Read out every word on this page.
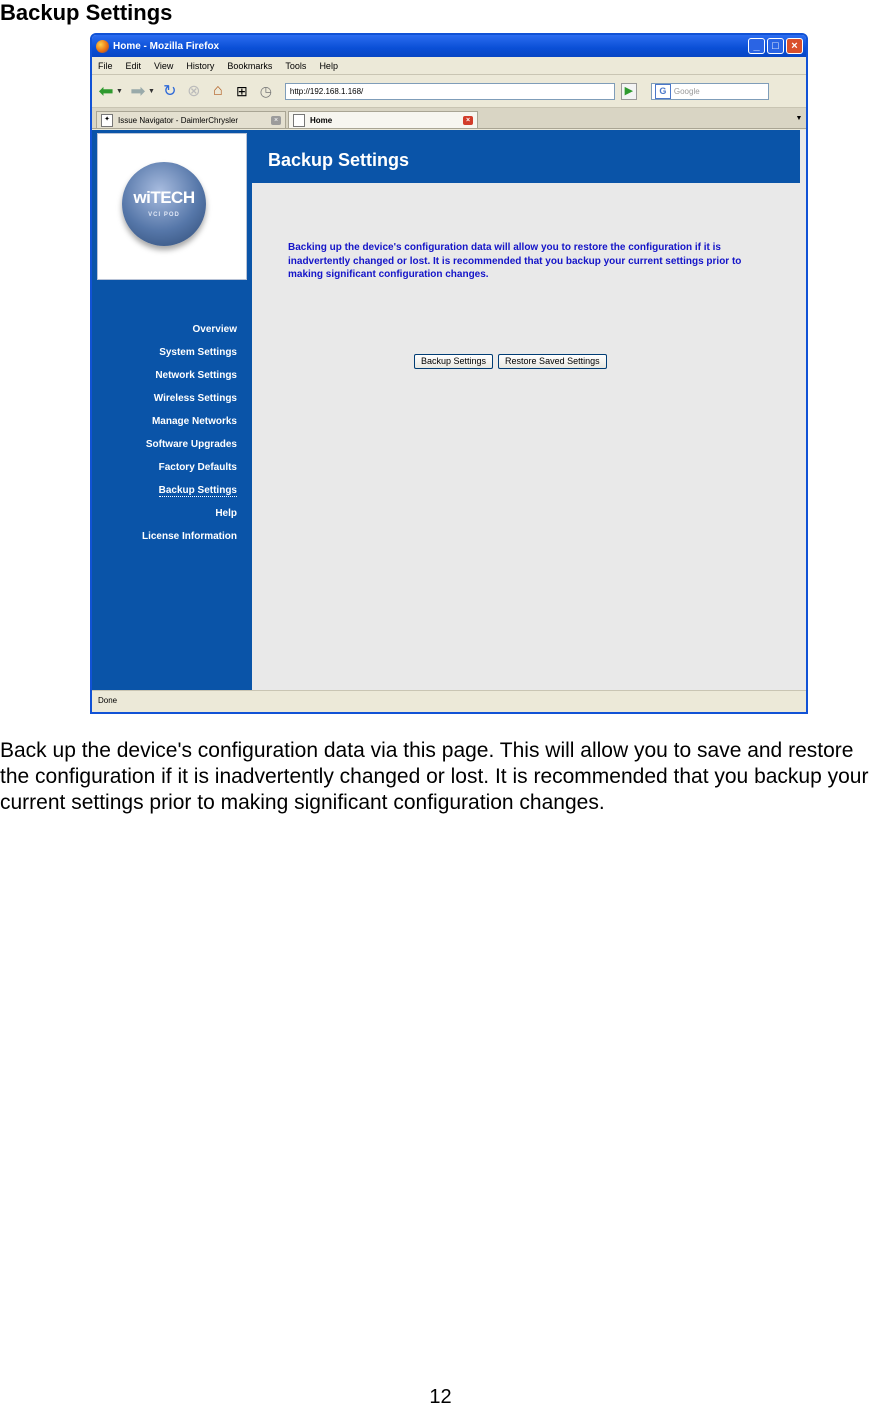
Backup Settings
Home - Mozilla Firefox	_	□	×
File Edit View History Bookmarks Tools Help
⬅ ▼ ➡ ▼ ↻ ⊗ ⌂ ⊞ ◷	http://192.168.1.168/	▶	G Google
✦	Issue Navigator - DaimlerChrysler	×	Home	×	▼
wiTECH
VCI POD
Overview
System Settings
Network Settings
Wireless Settings
Manage Networks
Software Upgrades
Factory Defaults
Backup Settings
Help
License Information
Backup Settings
Backing up the device's configuration data will allow you to restore the configuration if it is inadvertently changed or lost. It is recommended that you backup your current settings prior to making significant configuration changes.
Backup Settings	Restore Saved Settings
Done
Back up the device's configuration data via this page. This will allow you to save and restore the configuration if it is inadvertently changed or lost. It is recommended that you backup your current settings prior to making significant configuration changes.
12
